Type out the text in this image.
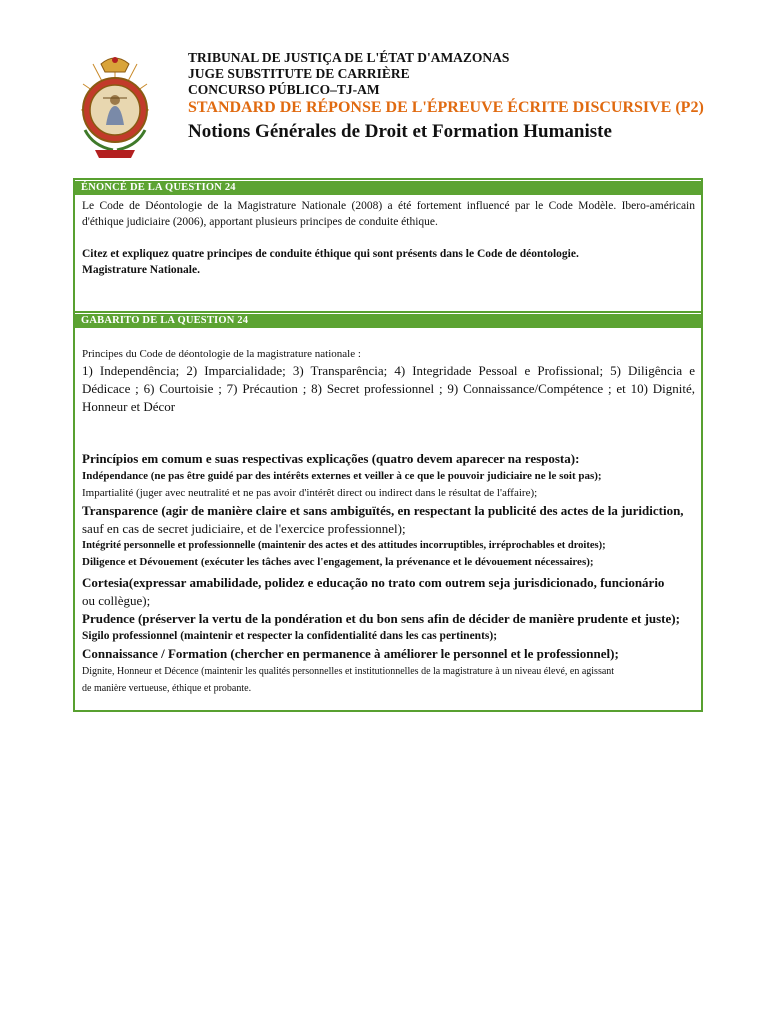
TRIBUNAL DE JUSTIÇA DE L'ÉTAT D'AMAZONAS
JUGE SUBSTITUTE DE CARRIÈRE
CONCURSO PÚBLICO–TJ-AM
STANDARD DE RÉPONSE DE L'ÉPREUVE ÉCRITE DISCURSIVE (P2)
Notions Générales de Droit et Formation Humaniste
ÉNONCÉ DE LA QUESTION 24
Le Code de Déontologie de la Magistrature Nationale (2008) a été fortement influencé par le Code Modèle. Ibero-américain d'éthique judiciaire (2006), apportant plusieurs principes de conduite éthique.
Citez et expliquez quatre principes de conduite éthique qui sont présents dans le Code de déontologie.
Magistrature Nationale.
GABARITO DE LA QUESTION 24
Principes du Code de déontologie de la magistrature nationale :
1) Independência; 2) Imparcialidade; 3) Transparência; 4) Integridade Pessoal e Profissional; 5) Diligência e Dédicace ; 6) Courtoisie ; 7) Précaution ; 8) Secret professionnel ; 9) Connaissance/Compétence ; et 10) Dignité, Honneur et Décor
Princípios em comum e suas respectivas explicações (quatro devem aparecer na resposta):
Indépendance (ne pas être guidé par des intérêts externes et veiller à ce que le pouvoir judiciaire ne le soit pas);
Impartialité (juger avec neutralité et ne pas avoir d'intérêt direct ou indirect dans le résultat de l'affaire);
Transparence (agir de manière claire et sans ambiguïtés, en respectant la publicité des actes de la juridiction,
sauf en cas de secret judiciaire, et de l'exercice professionnel);
Intégrité personnelle et professionnelle (maintenir des actes et des attitudes incorruptibles, irréprochables et droites);
Diligence et Dévouement (exécuter les tâches avec l'engagement, la prévenance et le dévouement nécessaires);
Cortesia(expressar amabilidade, polidez e educação no trato com outrem seja jurisdicionado, funcionário
ou collègue);
Prudence (préserver la vertu de la pondération et du bon sens afin de décider de manière prudente et juste);
Sigilo professionnel (maintenir et respecter la confidentialité dans les cas pertinents);
Connaissance / Formation (chercher en permanence à améliorer le personnel et le professionnel);
Dignite, Honneur et Décence (maintenir les qualités personnelles et institutionnelles de la magistrature à un niveau élevé, en agissant
de manière vertueuse, éthique et probante.
